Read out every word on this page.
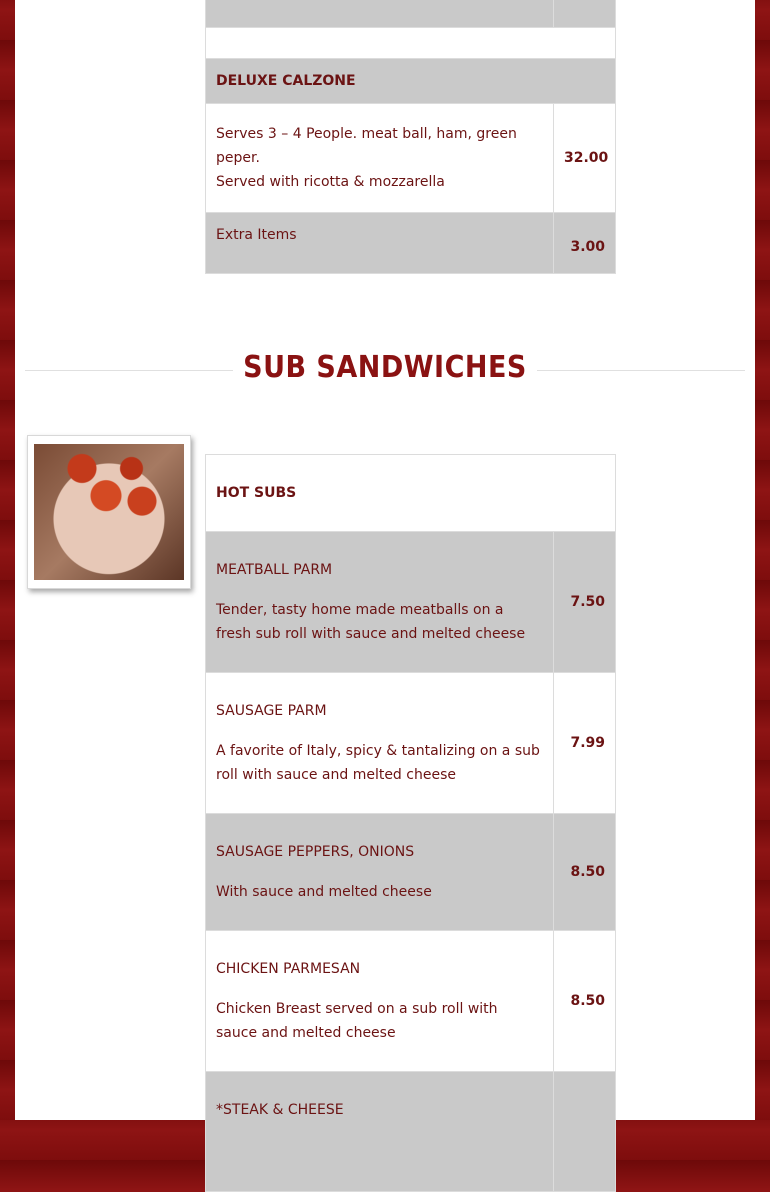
DELUXE CALZONE	

Serves 3 – 4 People. meat ball, ham, green peper.
Served with ricotta & mozzarella	32.00

Extra Items	3.00
SUB SANDWICHES
HOT SUBS	

MEATBALL PARM
Tender, tasty home made meatballs on a fresh sub roll with sauce and melted cheese	7.50

SAUSAGE PARM
A favorite of Italy, spicy & tantalizing on a sub roll with sauce and melted cheese	7.99

SAUSAGE PEPPERS, ONIONS
With sauce and melted cheese	8.50

CHICKEN PARMESAN
Chicken Breast served on a sub roll with sauce and melted cheese	8.50

*STEAK & CHEESE	
